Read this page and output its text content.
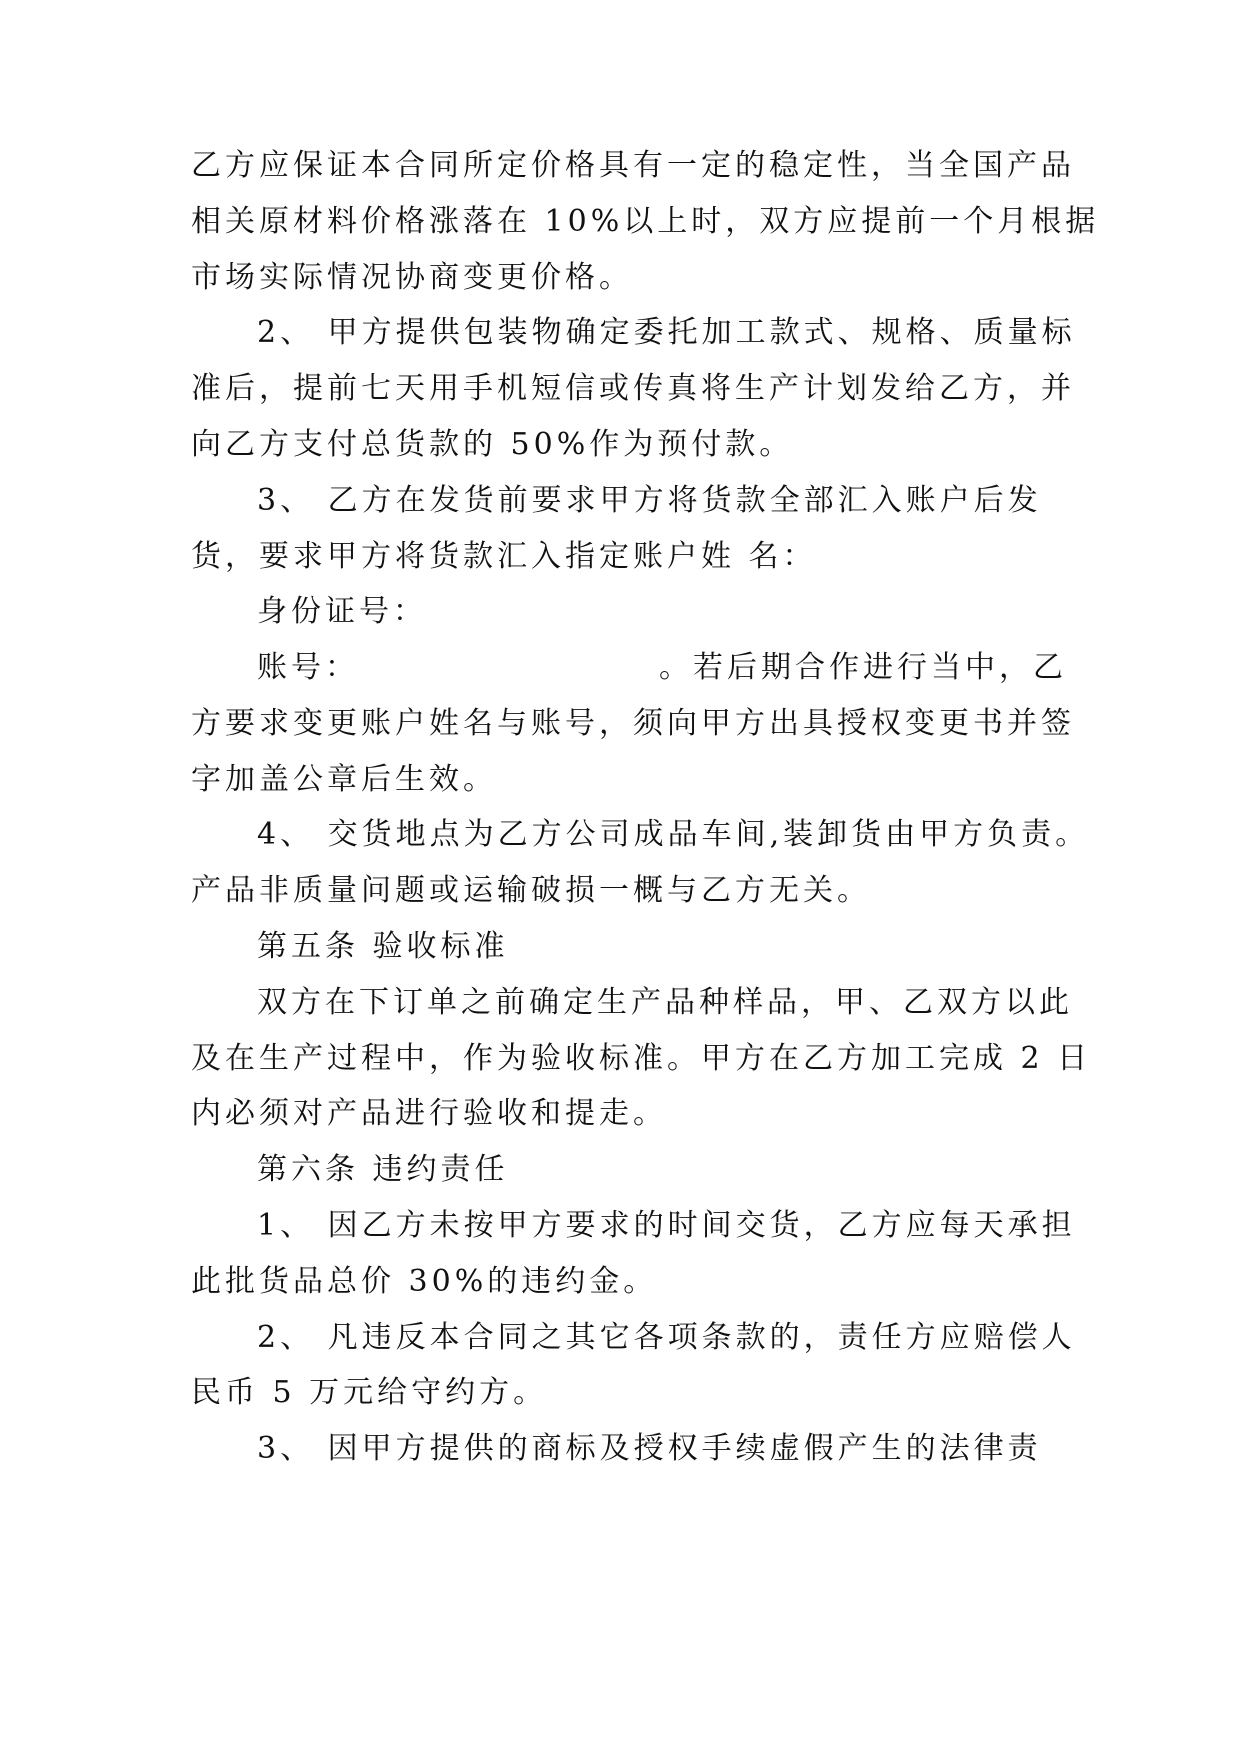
乙方应保证本合同所定价格具有一定的稳定性，当全国产品
相关原材料价格涨落在 10%以上时，双方应提前一个月根据
市场实际情况协商变更价格。
2、 甲方提供包装物确定委托加工款式、规格、质量标
准后，提前七天用手机短信或传真将生产计划发给乙方，并
向乙方支付总货款的 50%作为预付款。
3、 乙方在发货前要求甲方将货款全部汇入账户后发
货，要求甲方将货款汇入指定账户姓 名：
身份证号：
账号：	。若后期合作进行当中，乙
方要求变更账户姓名与账号，须向甲方出具授权变更书并签
字加盖公章后生效。
4、 交货地点为乙方公司成品车间,装卸货由甲方负责。
产品非质量问题或运输破损一概与乙方无关。
第五条 验收标准
双方在下订单之前确定生产品种样品，甲、乙双方以此
及在生产过程中，作为验收标准。甲方在乙方加工完成 2 日
内必须对产品进行验收和提走。
第六条 违约责任
1、 因乙方未按甲方要求的时间交货，乙方应每天承担
此批货品总价 30%的违约金。
2、 凡违反本合同之其它各项条款的，责任方应赔偿人
民币 5 万元给守约方。
3、 因甲方提供的商标及授权手续虚假产生的法律责
